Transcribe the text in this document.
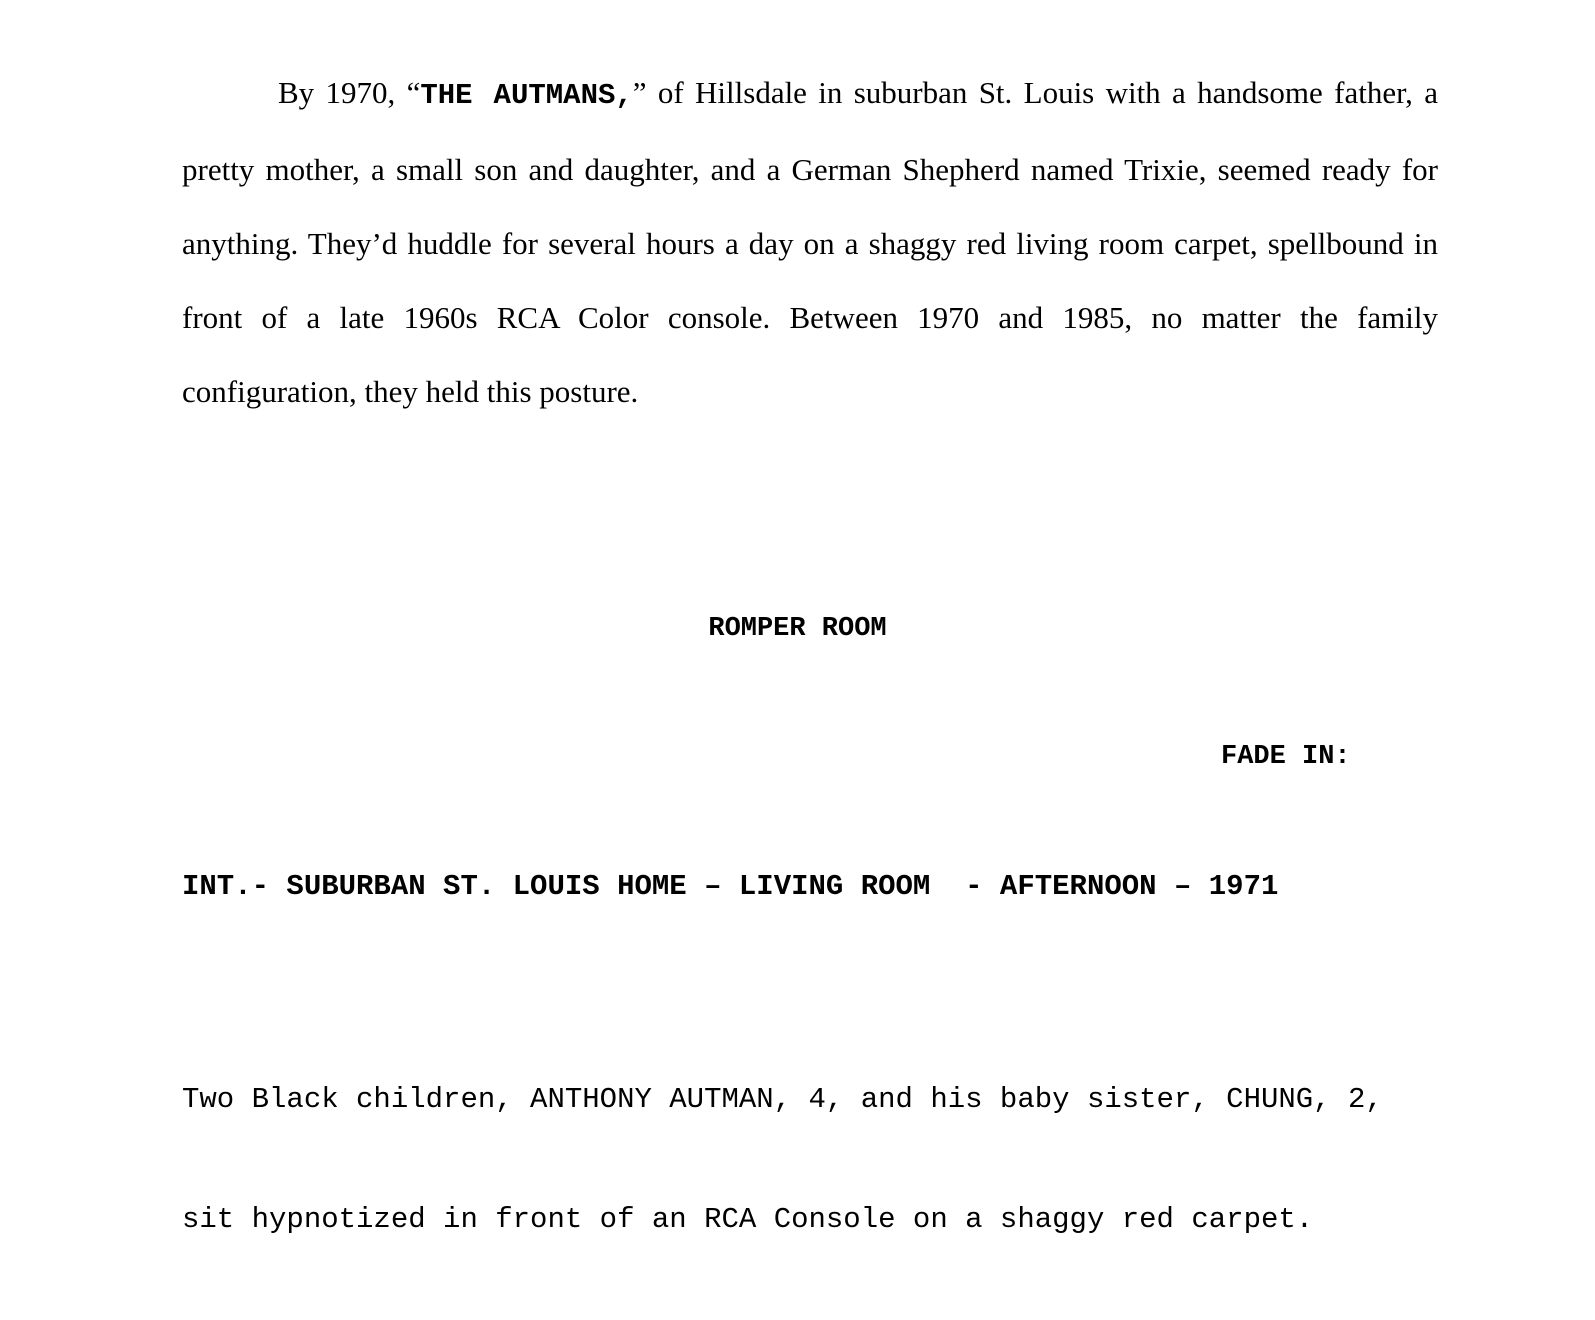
By 1970, “THE AUTMANS,” of Hillsdale in suburban St. Louis with a handsome father, a pretty mother, a small son and daughter, and a German Shepherd named Trixie, seemed ready for anything. They’d huddle for several hours a day on a shaggy red living room carpet, spellbound in front of a late 1960s RCA Color console. Between 1970 and 1985, no matter the family configuration, they held this posture.

ROMPER ROOM

FADE IN:

INT.- SUBURBAN ST. LOUIS HOME – LIVING ROOM  - AFTERNOON – 1971

Two Black children, ANTHONY AUTMAN, 4, and his baby sister, CHUNG, 2,

sit hypnotized in front of an RCA Console on a shaggy red carpet.
